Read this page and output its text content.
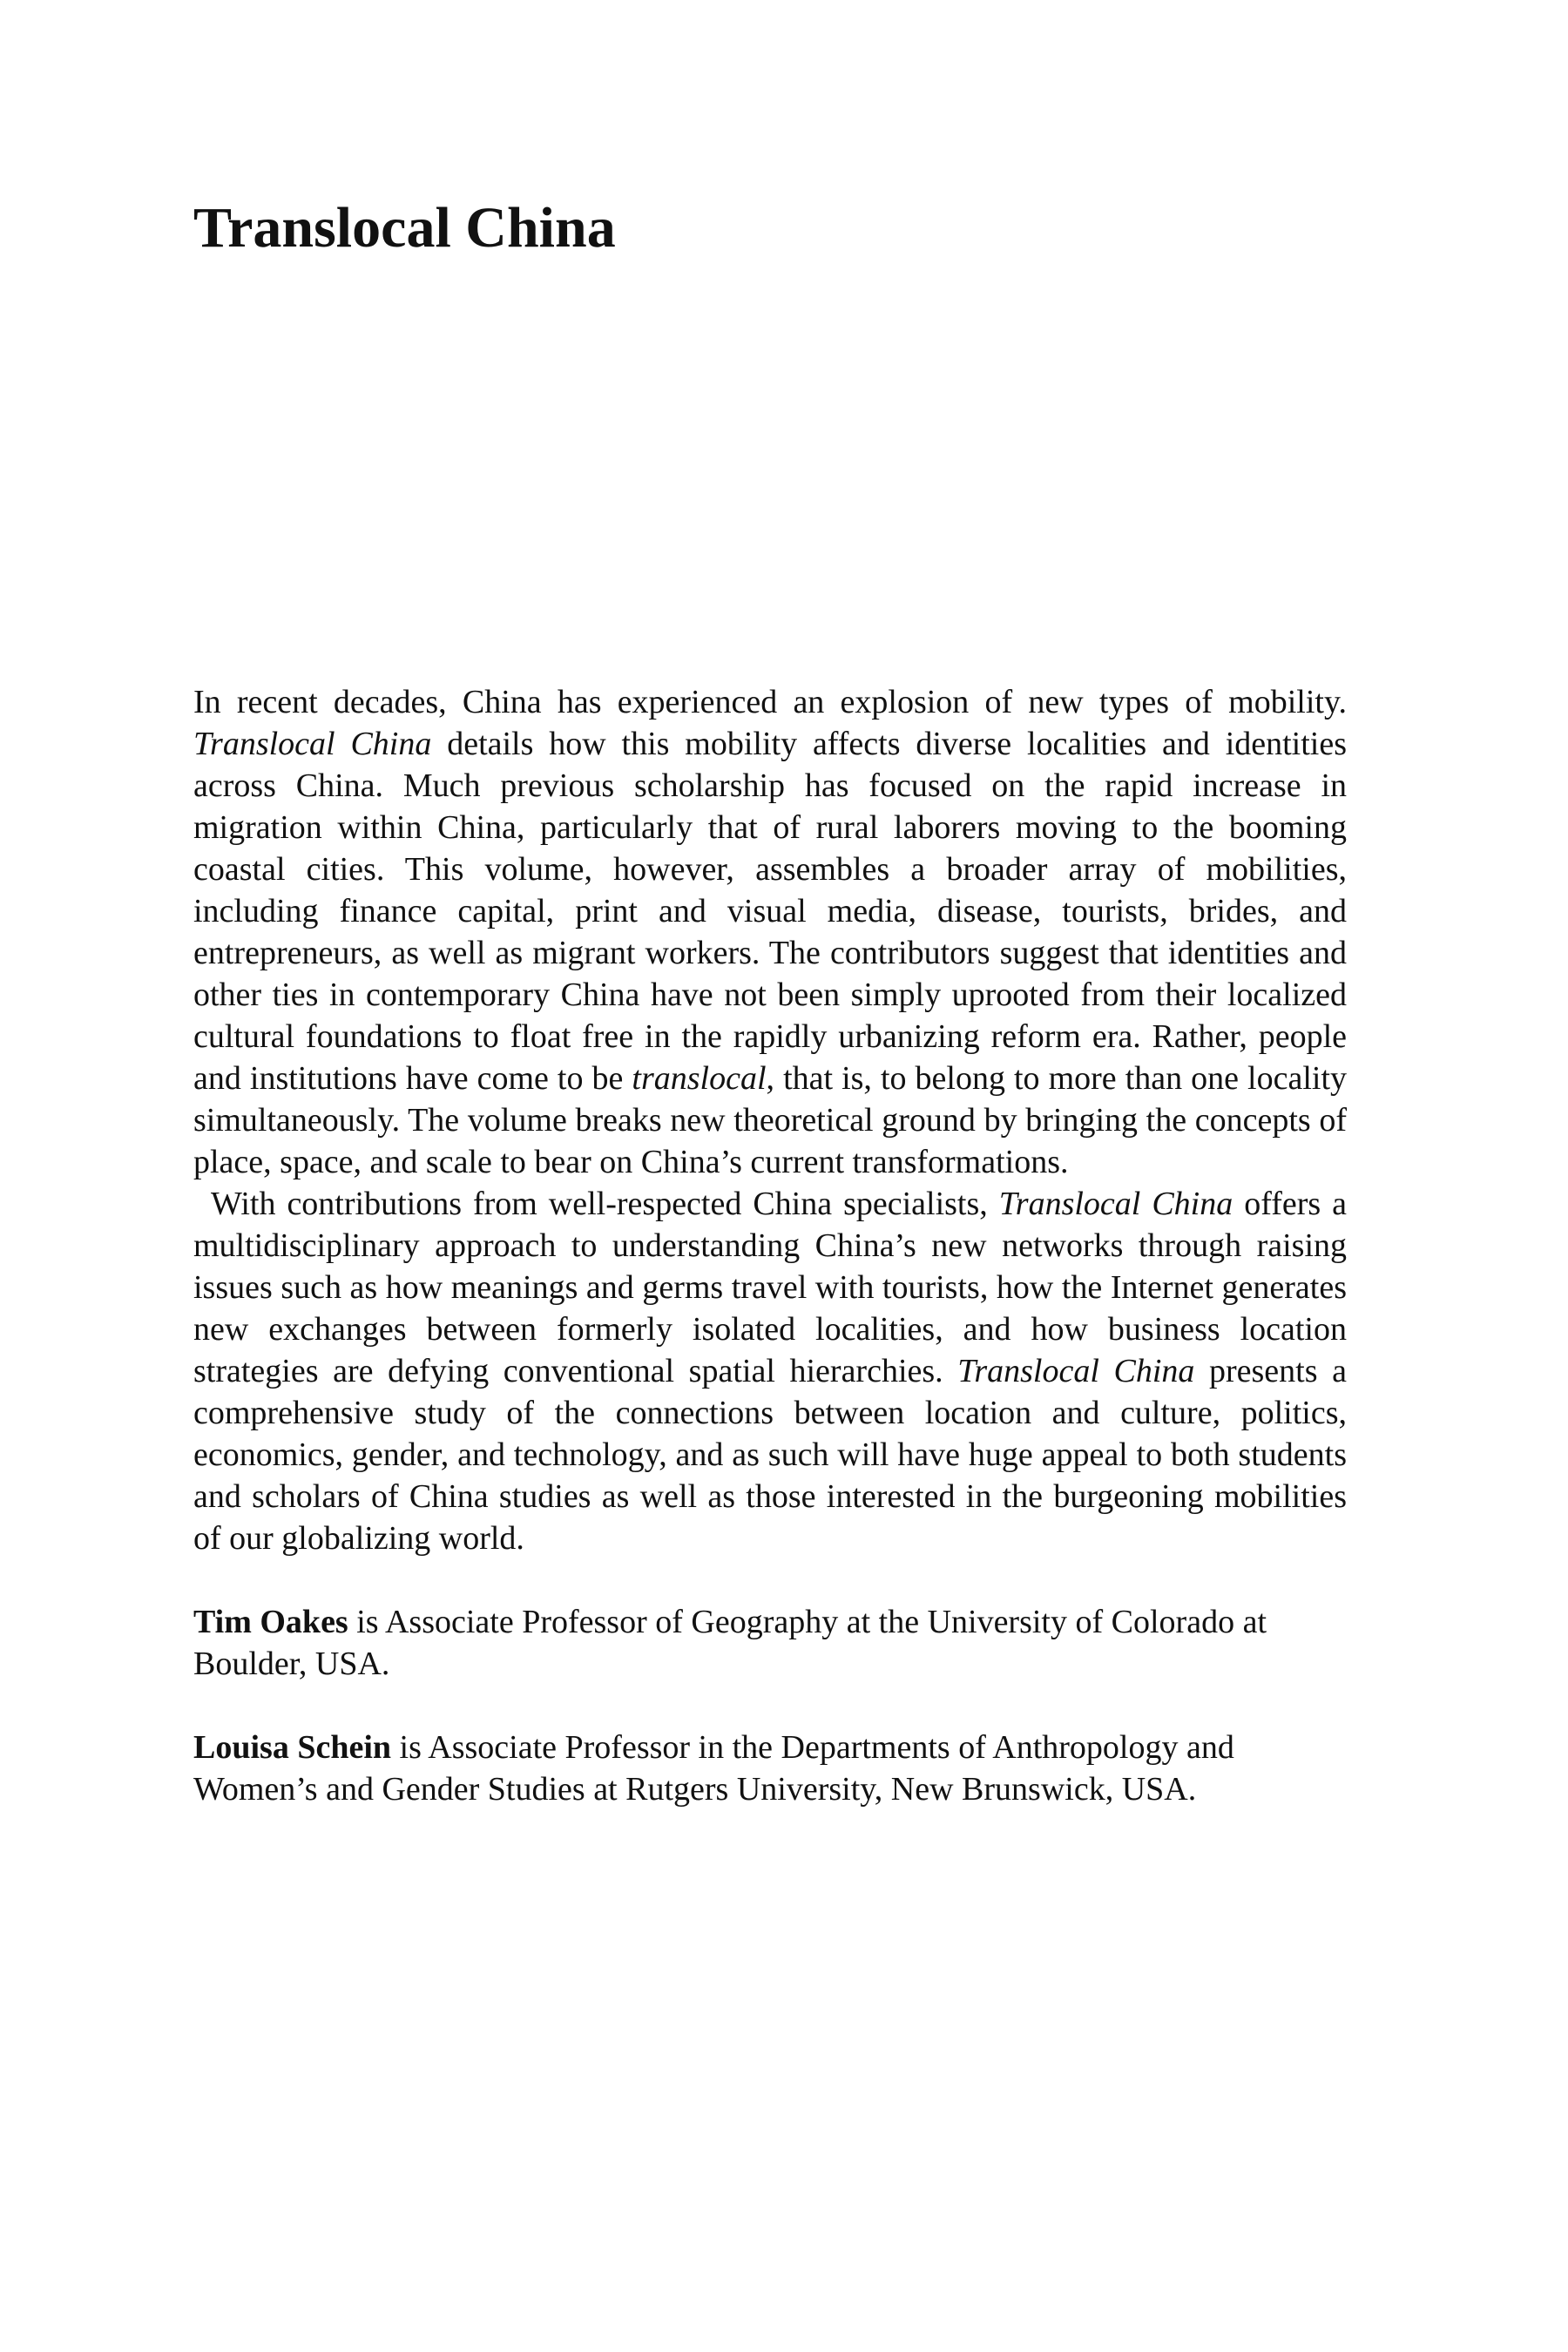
Translocal China

In recent decades, China has experienced an explosion of new types of mobility. Translocal China details how this mobility affects diverse localities and identities across China. Much previous scholarship has focused on the rapid increase in migration within China, particularly that of rural laborers moving to the booming coastal cities. This volume, however, assembles a broader array of mobilities, including finance capital, print and visual media, disease, tourists, brides, and entrepreneurs, as well as migrant workers. The contributors suggest that identities and other ties in contemporary China have not been simply uprooted from their localized cultural foundations to float free in the rapidly urbanizing reform era. Rather, people and institutions have come to be translocal, that is, to belong to more than one locality simultaneously. The volume breaks new theoretical ground by bringing the concepts of place, space, and scale to bear on China’s current transformations.

With contributions from well-respected China specialists, Translocal China offers a multidisciplinary approach to understanding China’s new networks through raising issues such as how meanings and germs travel with tourists, how the Internet generates new exchanges between formerly isolated localities, and how business location strategies are defying conventional spatial hierarchies. Translocal China presents a comprehensive study of the connections between location and culture, politics, economics, gender, and technology, and as such will have huge appeal to both students and scholars of China studies as well as those interested in the burgeoning mobilities of our globalizing world.

Tim Oakes is Associate Professor of Geography at the University of Colorado at Boulder, USA.

Louisa Schein is Associate Professor in the Departments of Anthropology and Women’s and Gender Studies at Rutgers University, New Brunswick, USA.
